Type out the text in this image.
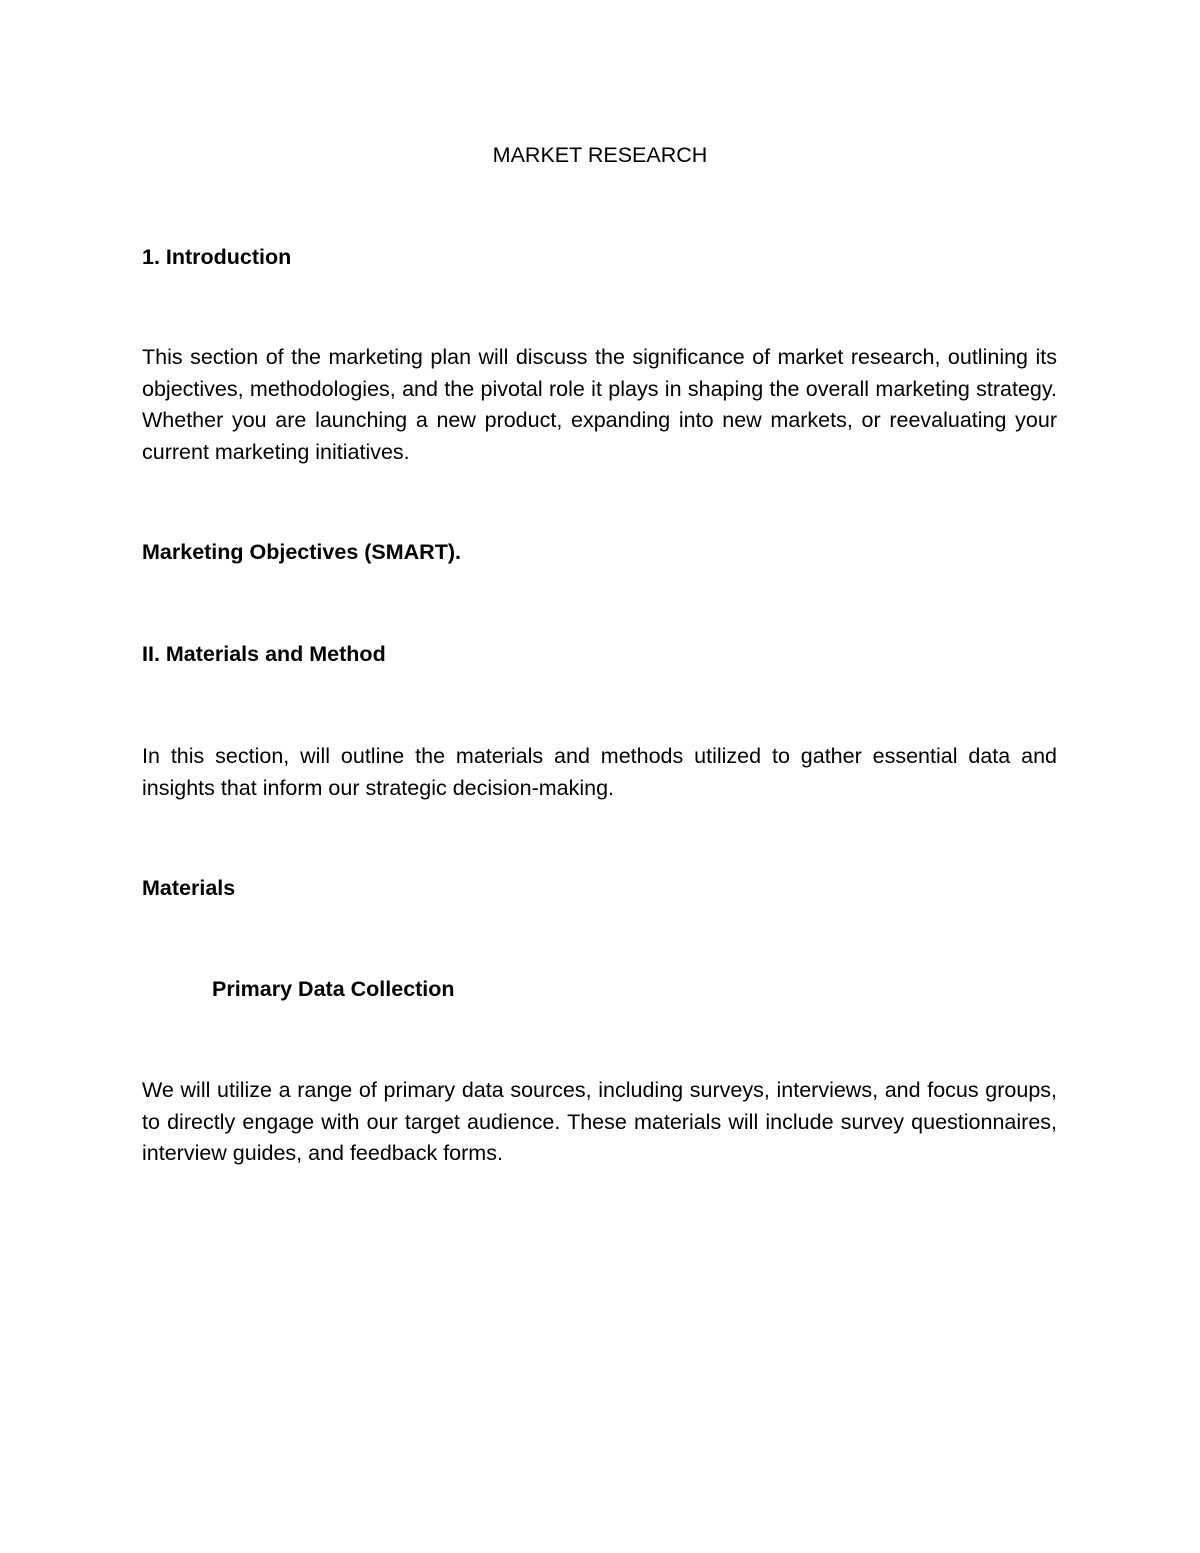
MARKET RESEARCH

1. Introduction

This section of the marketing plan will discuss the significance of market research, outlining its objectives, methodologies, and the pivotal role it plays in shaping the overall marketing strategy. Whether you are launching a new product, expanding into new markets, or reevaluating your current marketing initiatives.

Marketing Objectives (SMART).

II. Materials and Method

In this section, will outline the materials and methods utilized to gather essential data and insights that inform our strategic decision-making.

Materials

Primary Data Collection

We will utilize a range of primary data sources, including surveys, interviews, and focus groups, to directly engage with our target audience. These materials will include survey questionnaires, interview guides, and feedback forms.
